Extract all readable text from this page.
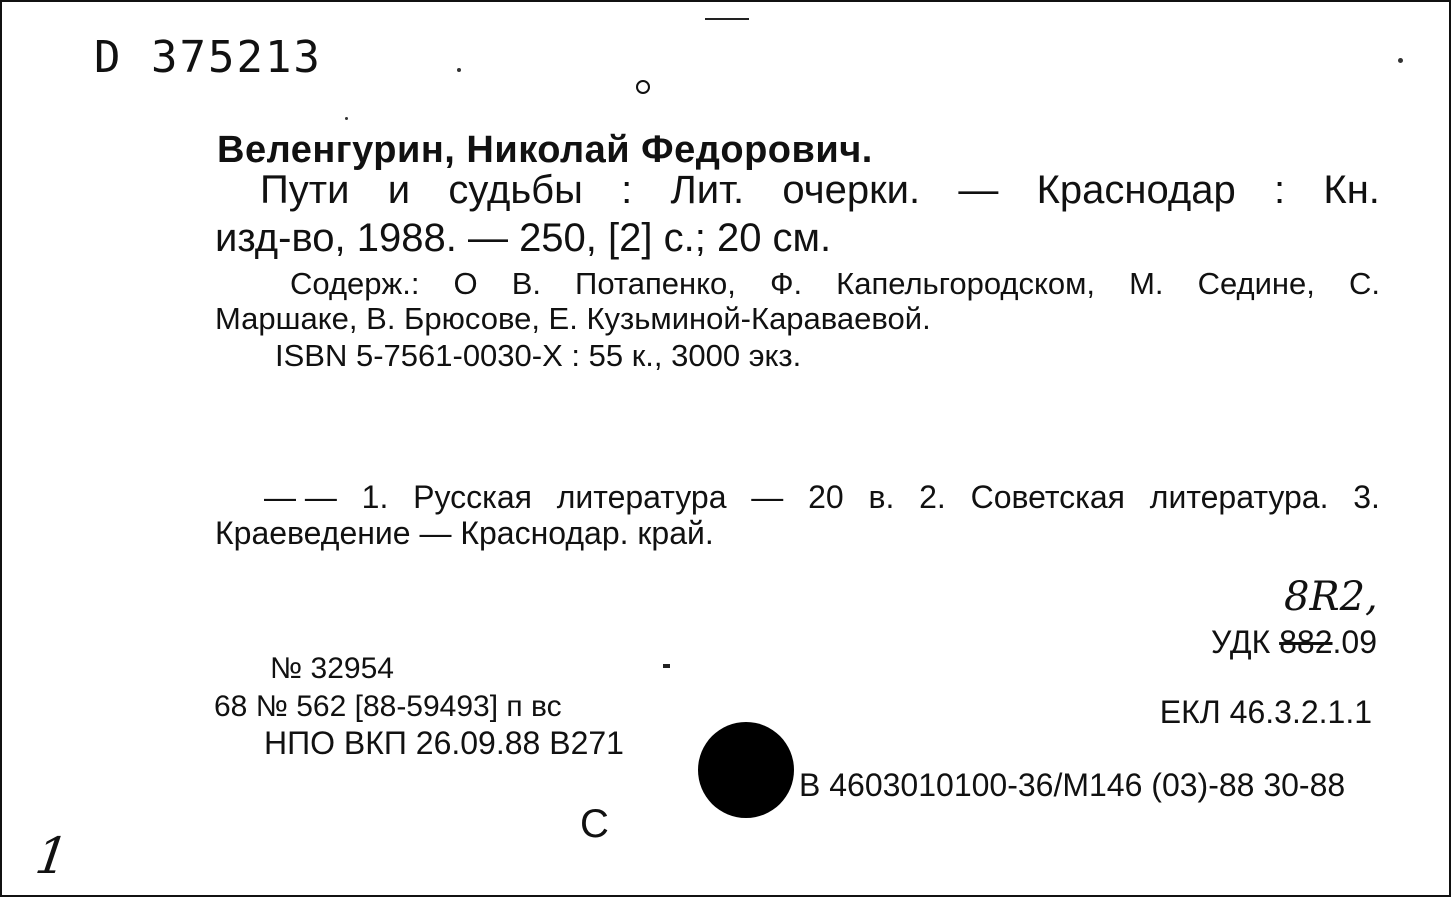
D 375213
Веленгурин, Николай Федорович.
Пути и судьбы : Лит. очерки. — Краснодар : Кн.
изд-во, 1988. — 250, [2] с.; 20 см.
Содерж.: О В. Потапенко, Ф. Капельгородском, М. Седине, С.
Маршаке, В. Брюсове, Е. Кузьминой-Караваевой.
ISBN 5-7561-0030-X : 55 к., 3000 экз.
— — 1. Русская литература — 20 в. 2. Советская литература. 3.
Краеведение — Краснодар. край.
8R2,
УДК 882.09
ЕКЛ 46.3.2.1.1
В 4603010100-36/М146 (03)-88 30-88
№ 32954
68 № 562 [88-59493] п вс
НПО ВКП 26.09.88 В271
С
1
